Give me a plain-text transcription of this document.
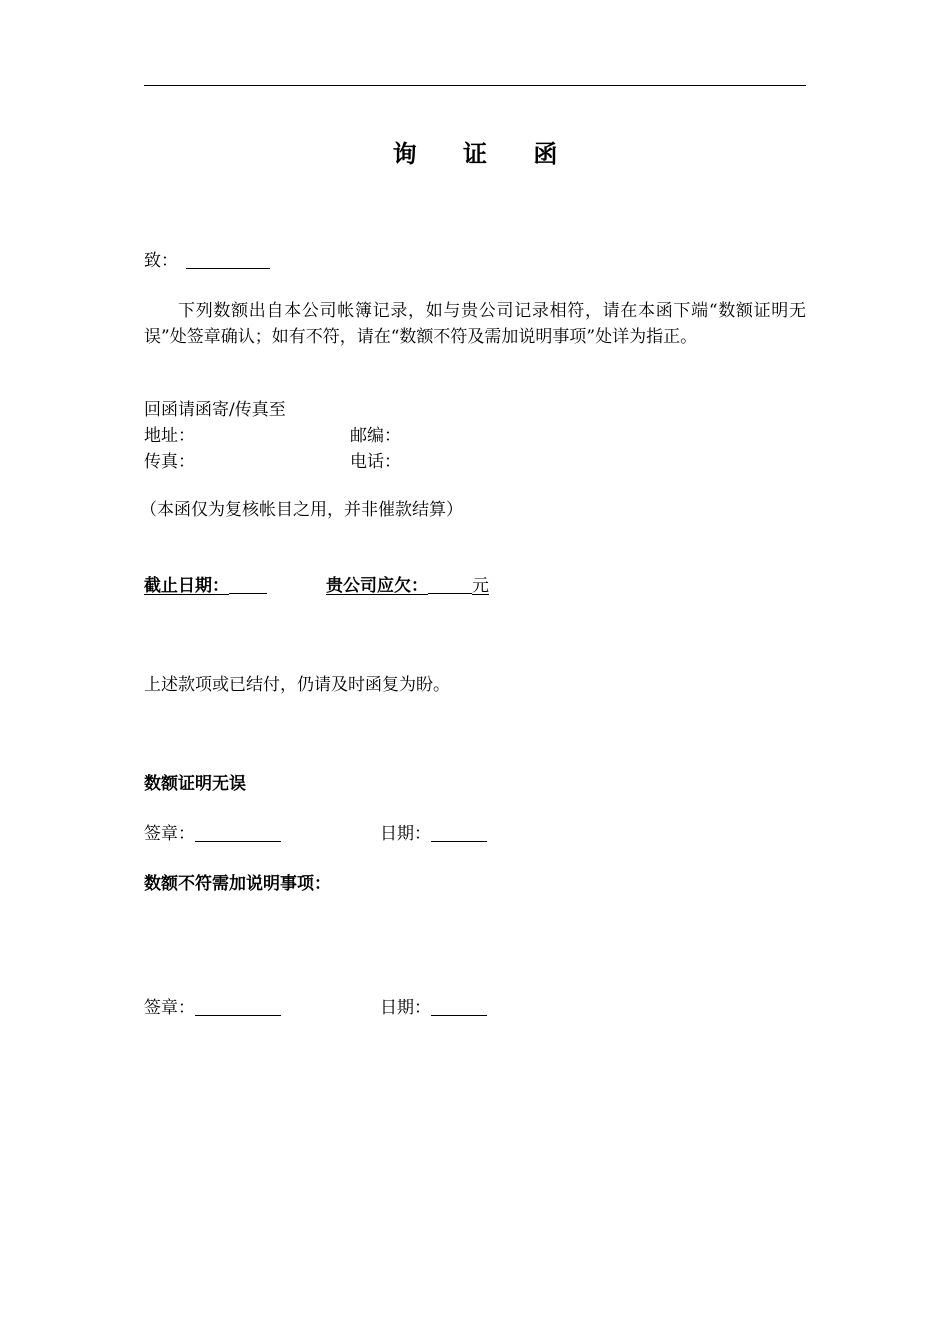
询 证 函
致：
下列数额出自本公司帐簿记录，如与贵公司记录相符，请在本函下端“数额证明无误”处签章确认；如有不符，请在“数额不符及需加说明事项”处详为指正。
回函请函寄/传真至
地址：	邮编：
传真：	电话：
（本函仅为复核帐目之用，并非催款结算）
截止日期：	贵公司应欠：	元
上述款项或已结付，仍请及时函复为盼。
数额证明无误
签章：	日期：
数额不符需加说明事项：
签章：	日期：
